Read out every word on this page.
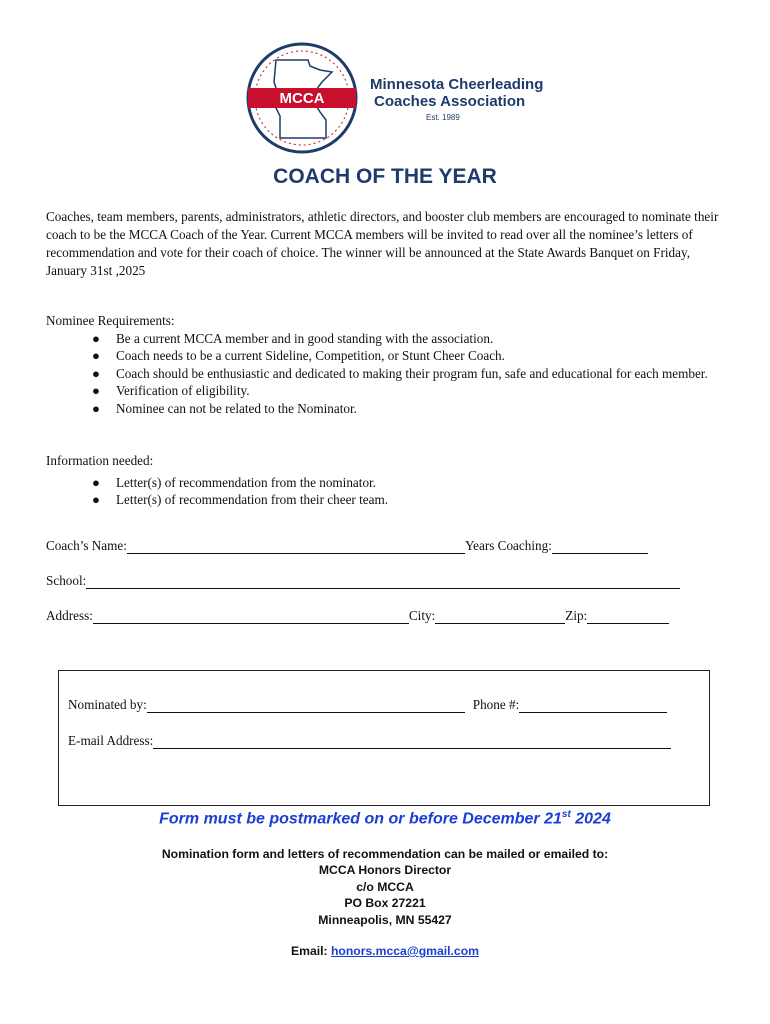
MCCA
Minnesota Cheerleading
Coaches Association
Est. 1989
COACH OF THE YEAR

Coaches, team members, parents, administrators, athletic directors, and booster club members are encouraged to nominate their coach to be the MCCA Coach of the Year. Current MCCA members will be invited to read over all the nominee’s letters of recommendation and vote for their coach of choice. The winner will be announced at the State Awards Banquet on Friday, January 31st ,2025

Nominee Requirements:
● Be a current MCCA member and in good standing with the association.
● Coach needs to be a current Sideline, Competition, or Stunt Cheer Coach.
● Coach should be enthusiastic and dedicated to making their program fun, safe and educational for each member.
● Verification of eligibility.
● Nominee can not be related to the Nominator.
Information needed:
● Letter(s) of recommendation from the nominator.
● Letter(s) of recommendation from their cheer team.
Coach’s Name:	Years Coaching:
School:
Address:	City:	Zip:
Nominated by:	Phone #:
E-mail Address:
Form must be postmarked on or before December 21st 2024
Nomination form and letters of recommendation can be mailed or emailed to:
MCCA Honors Director
c/o MCCA
PO Box 27221
Minneapolis, MN 55427
Email: honors.mcca@gmail.com
